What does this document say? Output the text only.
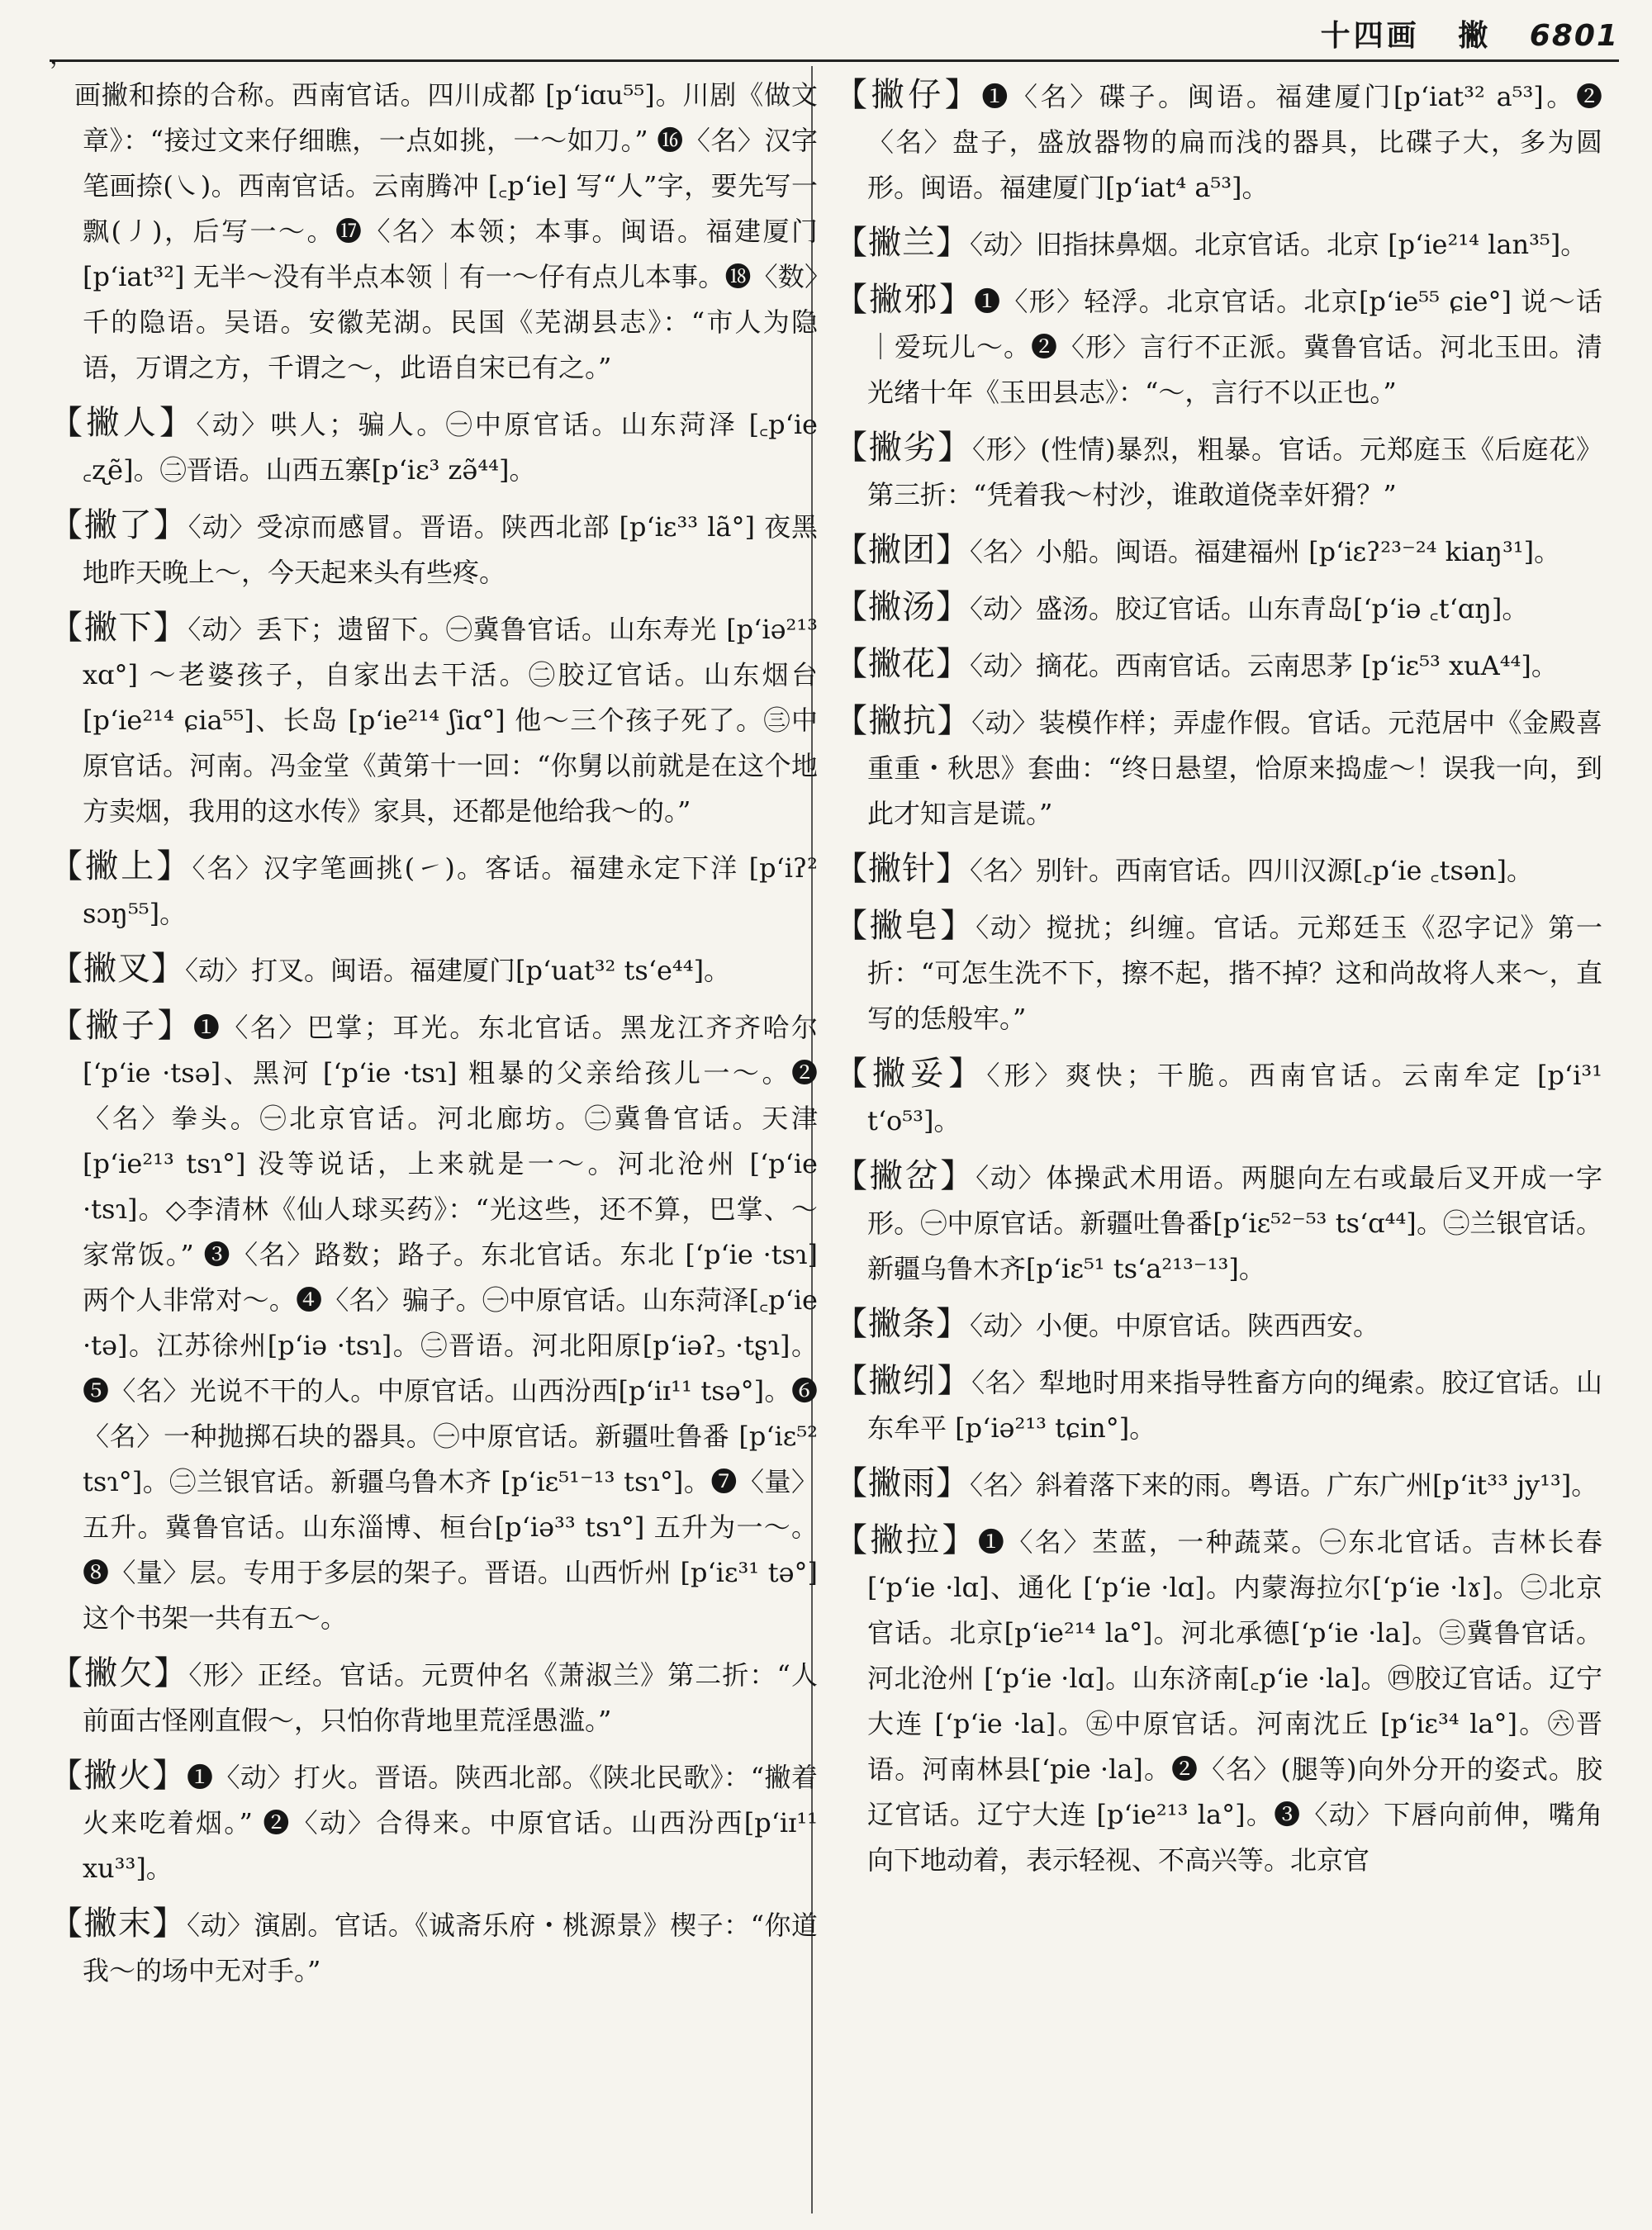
，
十四画 撇 6801

画撇和捺的合称。西南官话。四川成都 [pʻiɑu⁵⁵]。川剧《做文章》：“接过文来仔细瞧，一点如挑，一～如刀。” ⓰〈名〉汉字笔画捺(㇏)。西南官话。云南腾冲 [꜀pʻie] 写“人”字，要先写一飘(㇓)，后写一～。⓱〈名〉本领；本事。闽语。福建厦门 [pʻiat³²] 无半～没有半点本领｜有一～仔有点儿本事。⓲〈数〉千的隐语。吴语。安徽芜湖。民国《芜湖县志》：“市人为隐语，万谓之方，千谓之～，此语自宋已有之。”

【撇人】〈动〉哄人；骗人。㊀中原官话。山东菏泽 [꜀pʻie ꜀ʐẽ]。㊁晋语。山西五寨[pʻiɛ³ zə̃⁴⁴]。

【撇了】〈动〉受凉而感冒。晋语。陕西北部 [pʻiɛ³³ lã°] 夜黑地昨天晚上～，今天起来头有些疼。

【撇下】〈动〉丢下；遗留下。㊀冀鲁官话。山东寿光 [pʻiə²¹³ xɑ°] ～老婆孩子，自家出去干活。㊁胶辽官话。山东烟台 [pʻie²¹⁴ ɕia⁵⁵]、长岛 [pʻie²¹⁴ ʃiɑ°] 他～三个孩子死了。㊂中原官话。河南。冯金堂《黄第十一回：“你舅以前就是在这个地方卖烟，我用的这水传》家具，还都是他给我～的。”

【撇上】〈名〉汉字笔画挑(㇀)。客话。福建永定下洋 [pʻiʔ² sɔŋ⁵⁵]。

【撇叉】〈动〉打叉。闽语。福建厦门[pʻuat³² tsʻe⁴⁴]。

【撇子】❶〈名〉巴掌；耳光。东北官话。黑龙江齐齐哈尔 [ʻpʻie ·tsə]、黑河 [ʻpʻie ·tsɿ] 粗暴的父亲给孩儿一～。❷〈名〉拳头。㊀北京官话。河北廊坊。㊁冀鲁官话。天津 [pʻie²¹³ tsɿ°] 没等说话，上来就是一～。河北沧州 [ʻpʻie ·tsɿ]。◇李清林《仙人球买药》：“光这些，还不算，巴掌、～家常饭。” ❸〈名〉路数；路子。东北官话。东北 [ʻpʻie ·tsɿ] 两个人非常对～。❹〈名〉骗子。㊀中原官话。山东菏泽[꜀pʻie ·tə]。江苏徐州[pʻiə ·tsɿ]。㊁晋语。河北阳原[pʻiəʔ꜆ ·tʂɿ]。❺〈名〉光说不干的人。中原官话。山西汾西[pʻiɪ¹¹ tsə°]。❻〈名〉一种抛掷石块的器具。㊀中原官话。新疆吐鲁番 [pʻiɛ⁵² tsɿ°]。㊁兰银官话。新疆乌鲁木齐 [pʻiɛ⁵¹⁻¹³ tsɿ°]。❼〈量〉五升。冀鲁官话。山东淄博、桓台[pʻiə³³ tsɿ°] 五升为一～。❽〈量〉层。专用于多层的架子。晋语。山西忻州 [pʻiɛ³¹ tə°] 这个书架一共有五～。

【撇欠】〈形〉正经。官话。元贾仲名《萧淑兰》第二折：“人前面古怪刚直假～，只怕你背地里荒淫愚滥。”

【撇火】❶〈动〉打火。晋语。陕西北部。《陕北民歌》：“撇着火来吃着烟。” ❷〈动〉合得来。中原官话。山西汾西[pʻiɪ¹¹ xu³³]。

【撇末】〈动〉演剧。官话。《诚斋乐府・桃源景》楔子：“你道我～的场中无对手。”

【撇仔】❶〈名〉碟子。闽语。福建厦门[pʻiat³² a⁵³]。❷〈名〉盘子，盛放器物的扁而浅的器具，比碟子大，多为圆形。闽语。福建厦门[pʻiat⁴ a⁵³]。

【撇兰】〈动〉旧指抹鼻烟。北京官话。北京 [pʻie²¹⁴ lan³⁵]。

【撇邪】❶〈形〉轻浮。北京官话。北京[pʻie⁵⁵ ɕie°] 说～话｜爱玩儿～。❷〈形〉言行不正派。冀鲁官话。河北玉田。清光绪十年《玉田县志》：“～，言行不以正也。”

【撇劣】〈形〉(性情)暴烈，粗暴。官话。元郑庭玉《后庭花》第三折：“凭着我～村沙，谁敢道侥幸奸猾？”

【撇团】〈名〉小船。闽语。福建福州 [pʻiɛʔ²³⁻²⁴ kiaŋ³¹]。

【撇汤】〈动〉盛汤。胶辽官话。山东青岛[ʻpʻiə ꜀tʻɑŋ]。

【撇花】〈动〉摘花。西南官话。云南思茅 [pʻiɛ⁵³ xuA⁴⁴]。

【撇抗】〈动〉装模作样；弄虚作假。官话。元范居中《金殿喜重重・秋思》套曲：“终日悬望，恰原来捣虚～！误我一向，到此才知言是谎。”

【撇针】〈名〉别针。西南官话。四川汉源[꜀pʻie ꜀tsən]。

【撇皂】〈动〉搅扰；纠缠。官话。元郑廷玉《忍字记》第一折：“可怎生洗不下，擦不起，揩不掉？这和尚故将人来～，直写的恁般牢。”

【撇妥】〈形〉爽快；干脆。西南官话。云南牟定 [pʻi³¹ tʻo⁵³]。

【撇岔】〈动〉体操武术用语。两腿向左右或最后叉开成一字形。㊀中原官话。新疆吐鲁番[pʻiɛ⁵²⁻⁵³ tsʻɑ⁴⁴]。㊁兰银官话。新疆乌鲁木齐[pʻiɛ⁵¹ tsʻa²¹³⁻¹³]。

【撇条】〈动〉小便。中原官话。陕西西安。

【撇纼】〈名〉犁地时用来指导牲畜方向的绳索。胶辽官话。山东牟平 [pʻiə²¹³ tɕin°]。

【撇雨】〈名〉斜着落下来的雨。粤语。广东广州[pʻit³³ jy¹³]。

【撇拉】❶〈名〉苤蓝，一种蔬菜。㊀东北官话。吉林长春 [ʻpʻie ·lɑ]、通化 [ʻpʻie ·lɑ]。内蒙海拉尔[ʻpʻie ·lɤ]。㊁北京官话。北京[pʻie²¹⁴ la°]。河北承德[ʻpʻie ·la]。㊂冀鲁官话。河北沧州 [ʻpʻie ·lɑ]。山东济南[꜀pʻie ·la]。㊃胶辽官话。辽宁大连 [ʻpʻie ·la]。㊄中原官话。河南沈丘 [pʻiɛ³⁴ la°]。㊅晋语。河南林县[ʻpie ·la]。❷〈名〉(腿等)向外分开的姿式。胶辽官话。辽宁大连 [pʻie²¹³ la°]。❸〈动〉下唇向前伸，嘴角向下地动着，表示轻视、不高兴等。北京官
